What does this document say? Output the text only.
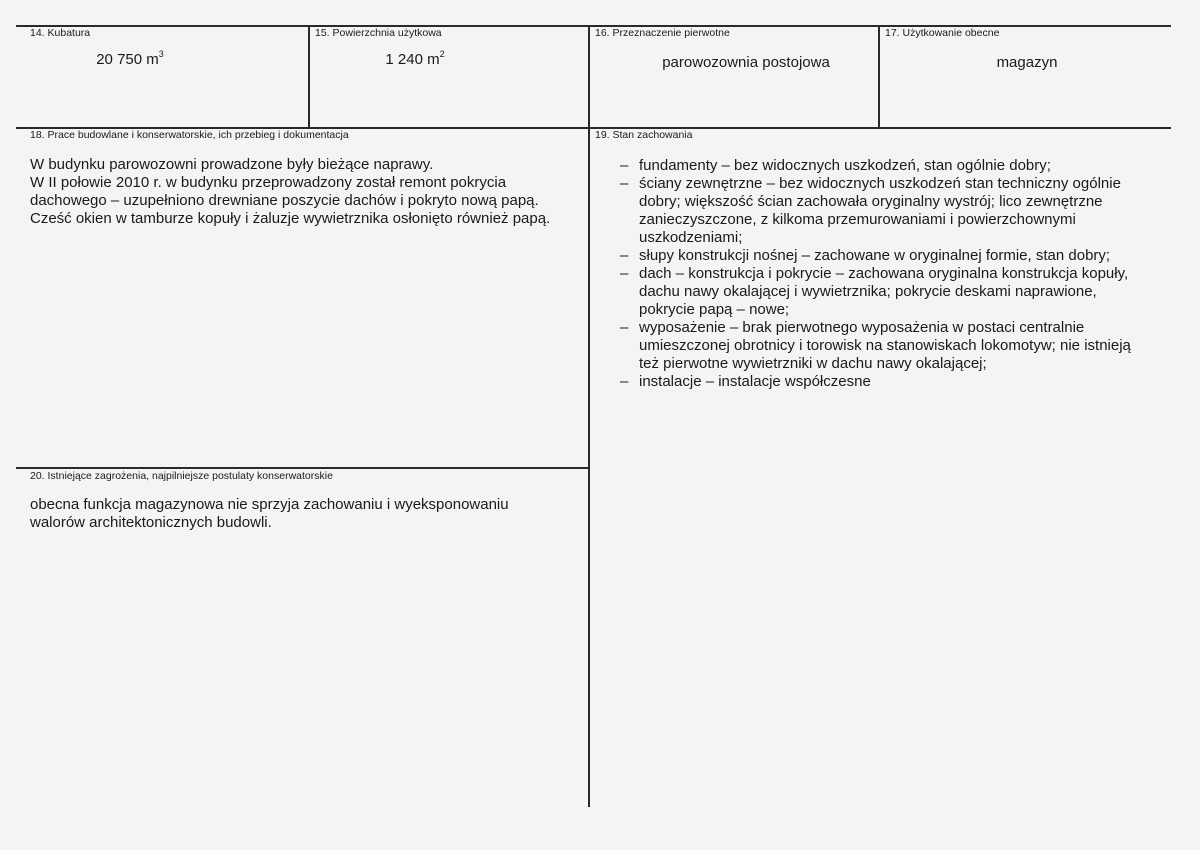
14. Kubatura
20 750 $m^3$
15. Powierzchnia użytkowa
1 240 $m^2$
16. Przeznaczenie pierwotne
parowozownia postojowa
17. Użytkowanie obecne
magazyn
18. Prace budowlane i konserwatorskie, ich przebieg i dokumentacja

W budynku parowozowni prowadzone były bieżące naprawy.
W II połowie 2010 r. w budynku przeprowadzony został remont pokrycia
dachowego – uzupełniono drewniane poszycie dachów i pokryto nową papą.
Cześć okien w tamburze kopuły i żaluzje wywietrznika osłonięto również papą.

19. Stan zachowania
– fundamenty – bez widocznych uszkodzeń, stan ogólnie dobry;
– ściany zewnętrzne – bez widocznych uszkodzeń stan techniczny ogólnie
dobry; większość ścian zachowała oryginalny wystrój; lico zewnętrzne
zanieczyszczone, z kilkoma przemurowaniami i powierzchownymi
uszkodzeniami;
– słupy konstrukcji nośnej – zachowane w oryginalnej formie, stan dobry;
– dach – konstrukcja i pokrycie – zachowana oryginalna konstrukcja kopuły,
dachu nawy okalającej i wywietrznika; pokrycie deskami naprawione,
pokrycie papą – nowe;
– wyposażenie – brak pierwotnego wyposażenia w postaci centralnie
umieszczonej obrotnicy i torowisk na stanowiskach lokomotyw; nie istnieją
też pierwotne wywietrzniki w dachu nawy okalającej;
– instalacje – instalacje współczesne
20. Istniejące zagrożenia, najpilniejsze postulaty konserwatorskie

obecna funkcja magazynowa nie sprzyja zachowaniu i wyeksponowaniu
walorów architektonicznych budowli.
